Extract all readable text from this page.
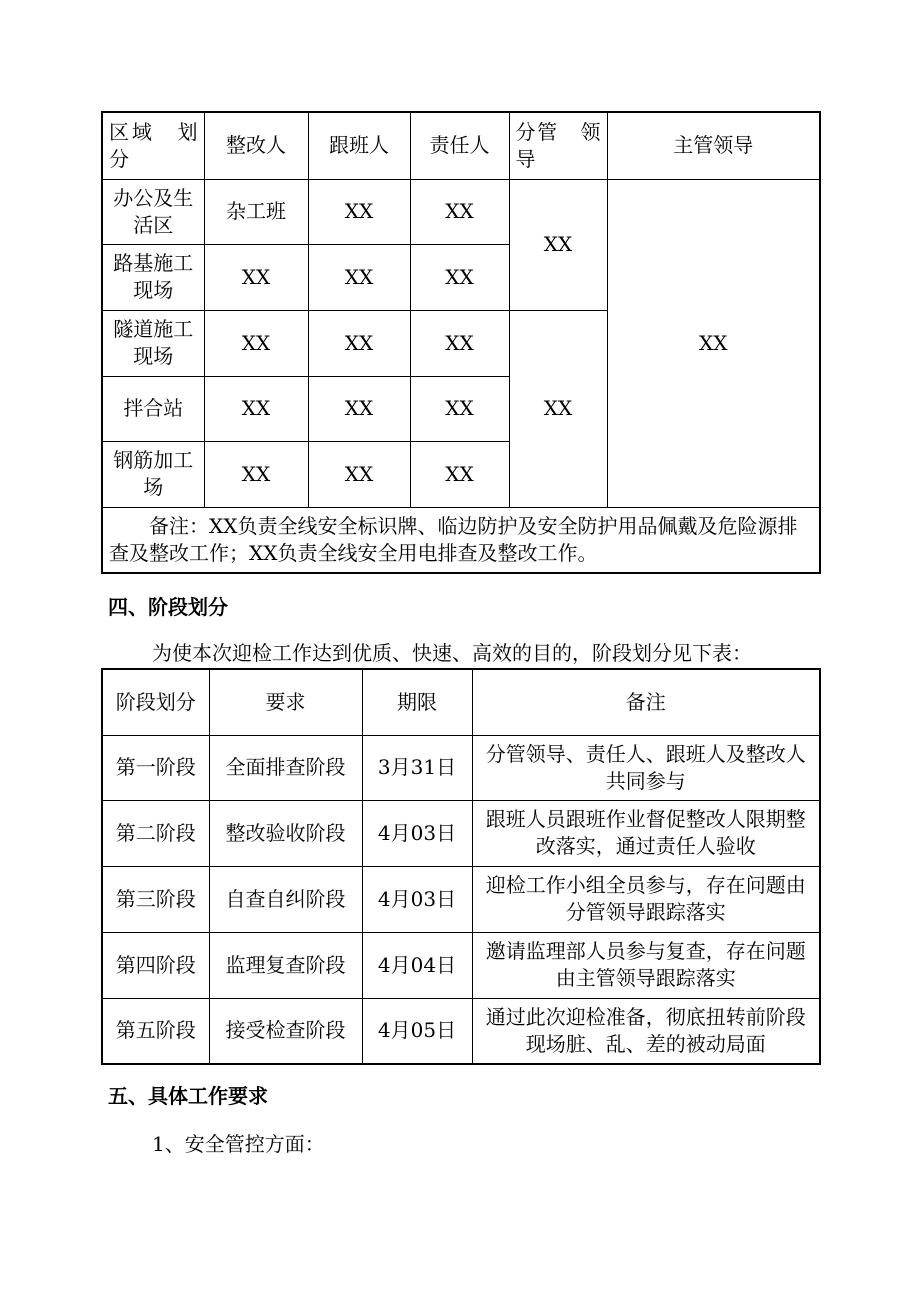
区域　划分	整改人	跟班人	责任人	分管　领导	主管领导
办公及生活区	杂工班	XX	XX	XX	XX
路基施工现场	XX	XX	XX		
隧道施工现场	XX	XX	XX	XX	
拌合站	XX	XX	XX		
钢筋加工场	XX	XX	XX		
备注：XX负责全线安全标识牌、临边防护及安全防护用品佩戴及危险源排查及整改工作；XX负责全线安全用电排查及整改工作。					
四、阶段划分
为使本次迎检工作达到优质、快速、高效的目的，阶段划分见下表：
阶段划分	要求	期限	备注
第一阶段	全面排查阶段	3月31日	分管领导、责任人、跟班人及整改人共同参与
第二阶段	整改验收阶段	4月03日	跟班人员跟班作业督促整改人限期整改落实，通过责任人验收
第三阶段	自查自纠阶段	4月03日	迎检工作小组全员参与，存在问题由分管领导跟踪落实
第四阶段	监理复查阶段	4月04日	邀请监理部人员参与复查，存在问题由主管领导跟踪落实
第五阶段	接受检查阶段	4月05日	通过此次迎检准备，彻底扭转前阶段现场脏、乱、差的被动局面
五、具体工作要求
1、安全管控方面：
